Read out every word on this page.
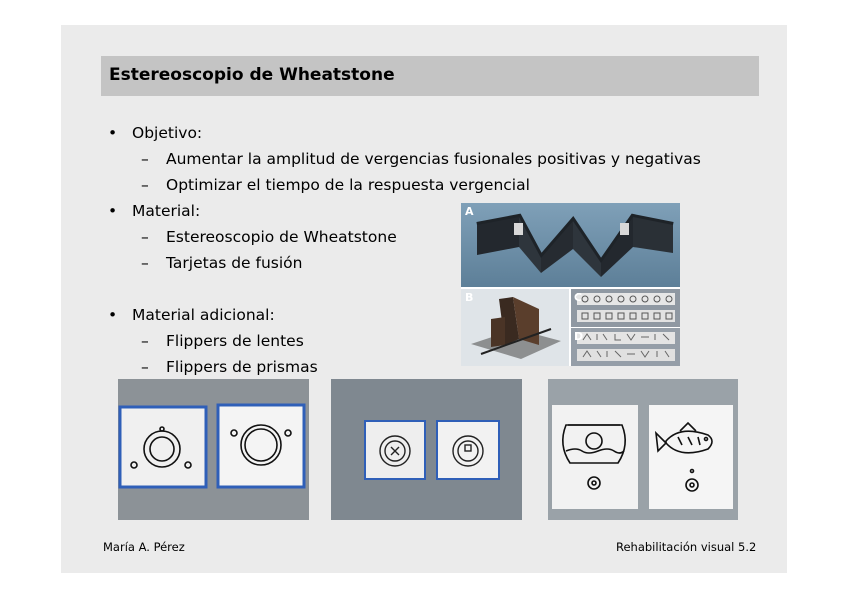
Estereoscopio de Wheatstone
• Objetivo:
– Aumentar la amplitud de vergencias fusionales positivas y negativas
– Optimizar el tiempo de la respuesta vergencial
• Material:
– Estereoscopio de Wheatstone
– Tarjetas de fusión
• Material adicional:
– Flippers de lentes
– Flippers de prismas
A
B	C
D
María A. Pérez	Rehabilitación visual 5.2
